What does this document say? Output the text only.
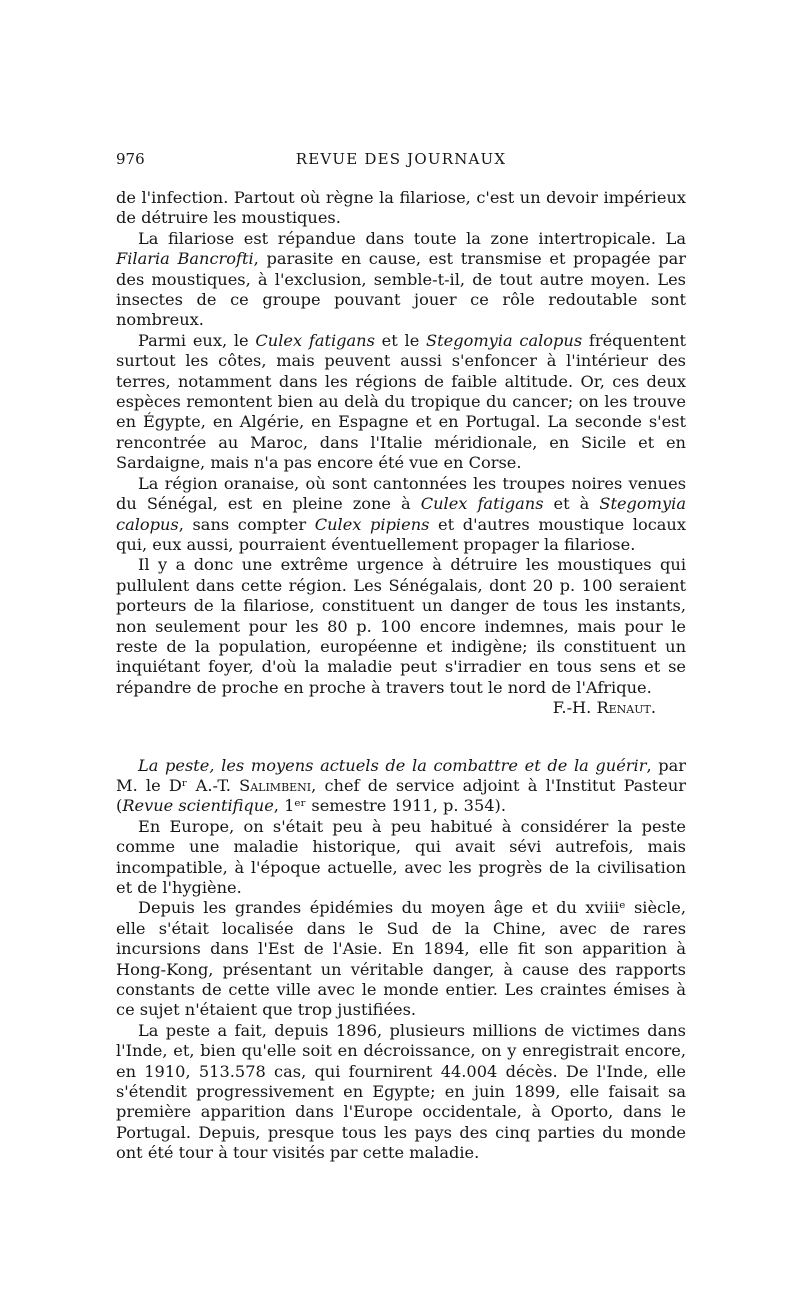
976	REVUE DES JOURNAUX

de l'infection. Partout où règne la filariose, c'est un devoir impérieux de détruire les moustiques.

La filariose est répandue dans toute la zone intertropicale. La Filaria Bancrofti, parasite en cause, est transmise et propagée par des moustiques, à l'exclusion, semble-t-il, de tout autre moyen. Les insectes de ce groupe pouvant jouer ce rôle redoutable sont nombreux.

Parmi eux, le Culex fatigans et le Stegomyia calopus fréquentent surtout les côtes, mais peuvent aussi s'enfoncer à l'intérieur des terres, notamment dans les régions de faible altitude. Or, ces deux espèces remontent bien au delà du tropique du cancer; on les trouve en Égypte, en Algérie, en Espagne et en Portugal. La seconde s'est rencontrée au Maroc, dans l'Italie méridionale, en Sicile et en Sardaigne, mais n'a pas encore été vue en Corse.

La région oranaise, où sont cantonnées les troupes noires venues du Sénégal, est en pleine zone à Culex fatigans et à Stegomyia calopus, sans compter Culex pipiens et d'autres moustique locaux qui, eux aussi, pourraient éventuellement propager la filariose.

Il y a donc une extrême urgence à détruire les moustiques qui pullulent dans cette région. Les Sénégalais, dont 20 p. 100 seraient porteurs de la filariose, constituent un danger de tous les instants, non seulement pour les 80 p. 100 encore indemnes, mais pour le reste de la population, européenne et indigène; ils constituent un inquiétant foyer, d'où la maladie peut s'irradier en tous sens et se répandre de proche en proche à travers tout le nord de l'Afrique.

F.-H. Renaut.

La peste, les moyens actuels de la combattre et de la guérir, par M. le Dʳ A.-T. Salimbeni, chef de service adjoint à l'Institut Pasteur (Revue scientifique, 1ᵉʳ semestre 1911, p. 354).

En Europe, on s'était peu à peu habitué à considérer la peste comme une maladie historique, qui avait sévi autrefois, mais incompatible, à l'époque actuelle, avec les progrès de la civilisation et de l'hygiène.

Depuis les grandes épidémies du moyen âge et du xviiiᵉ siècle, elle s'était localisée dans le Sud de la Chine, avec de rares incursions dans l'Est de l'Asie. En 1894, elle fit son apparition à Hong-Kong, présentant un véritable danger, à cause des rapports constants de cette ville avec le monde entier. Les craintes émises à ce sujet n'étaient que trop justifiées.

La peste a fait, depuis 1896, plusieurs millions de victimes dans l'Inde, et, bien qu'elle soit en décroissance, on y enregistrait encore, en 1910, 513.578 cas, qui fournirent 44.004 décès. De l'Inde, elle s'étendit progressivement en Egypte; en juin 1899, elle faisait sa première apparition dans l'Europe occidentale, à Oporto, dans le Portugal. Depuis, presque tous les pays des cinq parties du monde ont été tour à tour visités par cette maladie.
